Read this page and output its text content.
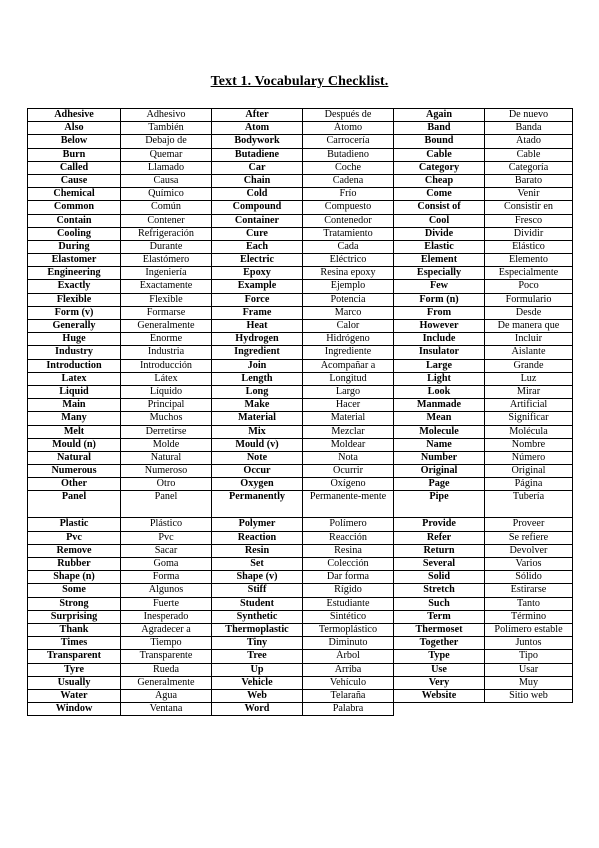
Text 1. Vocabulary Checklist.
Adhesive	Adhesivo	After	Después de	Again	De nuevo
Also	También	Atom	Átomo	Band	Banda
Below	Debajo de	Bodywork	Carrocería	Bound	Atado
Burn	Quemar	Butadiene	Butadieno	Cable	Cable
Called	Llamado	Car	Coche	Category	Categoría
Cause	Causa	Chain	Cadena	Cheap	Barato
Chemical	Químico	Cold	Frío	Come	Venir
Common	Común	Compound	Compuesto	Consist of	Consistir en
Contain	Contener	Container	Contenedor	Cool	Fresco
Cooling	Refrigeración	Cure	Tratamiento	Divide	Dividir
During	Durante	Each	Cada	Elastic	Elástico
Elastomer	Elastómero	Electric	Eléctrico	Element	Elemento
Engineering	Ingeniería	Epoxy	Resina epoxy	Especially	Especialmente
Exactly	Exactamente	Example	Ejemplo	Few	Poco
Flexible	Flexible	Force	Potencia	Form (n)	Formulario
Form (v)	Formarse	Frame	Marco	From	Desde
Generally	Generalmente	Heat	Calor	However	De manera que
Huge	Enorme	Hydrogen	Hidrógeno	Include	Incluir
Industry	Industria	Ingredient	Ingrediente	Insulator	Aislante
Introduction	Introducción	Join	Acompañar a	Large	Grande
Latex	Látex	Length	Longitud	Light	Luz
Liquid	Líquido	Long	Largo	Look	Mirar
Main	Principal	Make	Hacer	Manmade	Artificial
Many	Muchos	Material	Material	Mean	Significar
Melt	Derretirse	Mix	Mezclar	Molecule	Molécula
Mould (n)	Molde	Mould (v)	Moldear	Name	Nombre
Natural	Natural	Note	Nota	Number	Número
Numerous	Numeroso	Occur	Ocurrir	Original	Original
Other	Otro	Oxygen	Oxígeno	Page	Página
Panel	Panel	Permanently	Permanente-mente	Pipe	Tubería
Plastic	Plástico	Polymer	Polímero	Provide	Proveer
Pvc	Pvc	Reaction	Reacción	Refer	Se refiere
Remove	Sacar	Resin	Resina	Return	Devolver
Rubber	Goma	Set	Colección	Several	Varios
Shape (n)	Forma	Shape (v)	Dar forma	Solid	Sólido
Some	Algunos	Stiff	Rígido	Stretch	Estirarse
Strong	Fuerte	Student	Estudiante	Such	Tanto
Surprising	Inesperado	Synthetic	Sintético	Term	Término
Thank	Agradecer a	Thermoplastic	Termoplástico	Thermoset	Polímero estable
Times	Tiempo	Tiny	Diminuto	Together	Juntos
Transparent	Transparente	Tree	Árbol	Type	Tipo
Tyre	Rueda	Up	Arriba	Use	Usar
Usually	Generalmente	Vehicle	Vehículo	Very	Muy
Water	Agua	Web	Telaraña	Website	Sitio web
Window	Ventana	Word	Palabra		
